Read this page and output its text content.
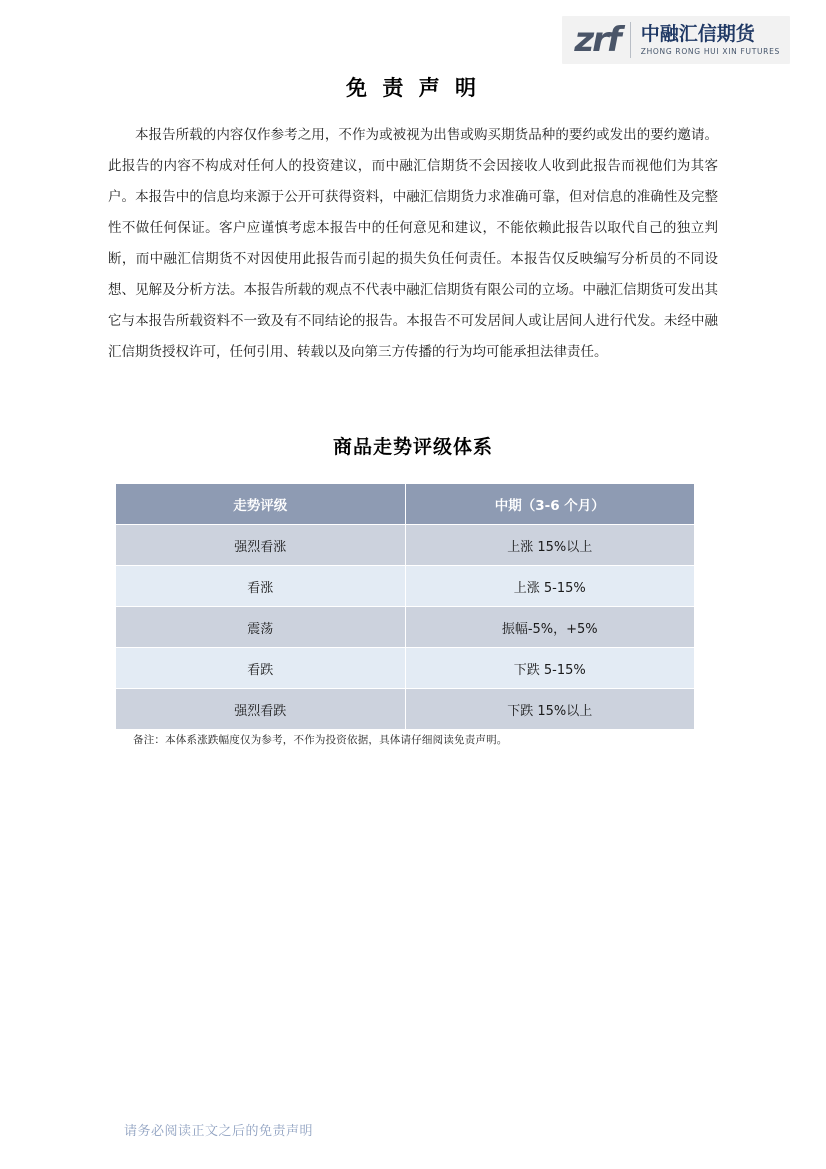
zrf	中融汇信期货
ZHONG RONG HUI XIN FUTURES
免 责 声 明
本报告所载的内容仅作参考之用，不作为或被视为出售或购买期货品种的要约或发出的要约邀请。此报告的内容不构成对任何人的投资建议，而中融汇信期货不会因接收人收到此报告而视他们为其客户。本报告中的信息均来源于公开可获得资料，中融汇信期货力求准确可靠，但对信息的准确性及完整性不做任何保证。客户应谨慎考虑本报告中的任何意见和建议，不能依赖此报告以取代自己的独立判断，而中融汇信期货不对因使用此报告而引起的损失负任何责任。本报告仅反映编写分析员的不同设想、见解及分析方法。本报告所载的观点不代表中融汇信期货有限公司的立场。中融汇信期货可发出其它与本报告所载资料不一致及有不同结论的报告。本报告不可发居间人或让居间人进行代发。未经中融汇信期货授权许可，任何引用、转载以及向第三方传播的行为均可能承担法律责任。
商品走势评级体系
走势评级	中期（3-6 个月）
强烈看涨	上涨 15%以上
看涨	上涨 5-15%
震荡	振幅-5%，+5%
看跌	下跌 5-15%
强烈看跌	下跌 15%以上
备注：本体系涨跌幅度仅为参考，不作为投资依据，具体请仔细阅读免责声明。
请务必阅读正文之后的免责声明
